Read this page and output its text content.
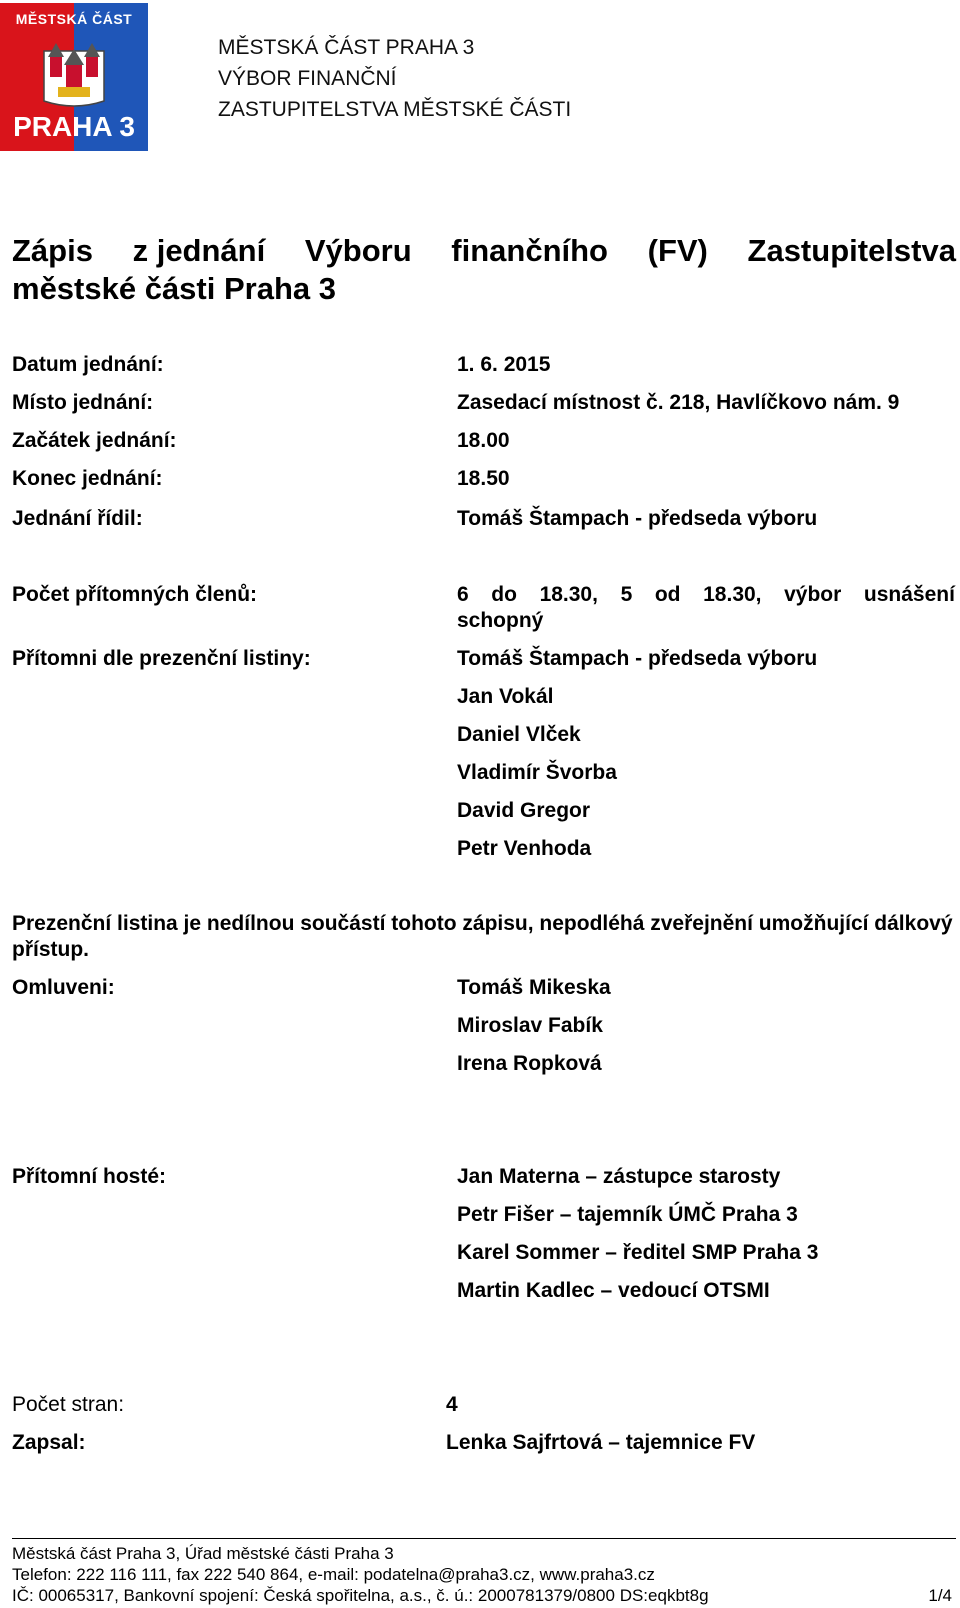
MĚSTSKÁ ČÁST
PRAHA 3
MĚSTSKÁ ČÁST PRAHA 3
VÝBOR FINANČNÍ
ZASTUPITELSTVA MĚSTSKÉ ČÁSTI
Zápis z jednání Výboru finančního (FV) Zastupitelstva
městské části Praha 3
Datum jednání:	1. 6. 2015
Místo jednání:	Zasedací místnost č. 218, Havlíčkovo nám. 9
Začátek jednání:	18.00
Konec jednání:	18.50
Jednání řídil:	Tomáš Štampach - předseda výboru
Počet přítomných členů:	6 do 18.30, 5 od 18.30, výbor usnášení
schopný
Přítomni dle prezenční listiny:	Tomáš Štampach - předseda výboru
Jan Vokál
Daniel Vlček
Vladimír Švorba
David Gregor
Petr Venhoda
Prezenční listina je nedílnou součástí tohoto zápisu, nepodléhá zveřejnění umožňující dálkový přístup.
Omluveni:	Tomáš Mikeska
Miroslav Fabík
Irena Ropková
Přítomní hosté:	Jan Materna – zástupce starosty
Petr Fišer – tajemník ÚMČ Praha 3
Karel Sommer – ředitel SMP Praha 3
Martin Kadlec – vedoucí OTSMI
Počet stran:	4
Zapsal:	Lenka Sajfrtová – tajemnice FV
Městská část Praha 3, Úřad městské části Praha 3
Telefon: 222 116 111, fax 222 540 864, e-mail: podatelna@praha3.cz, www.praha3.cz
IČ: 00065317, Bankovní spojení: Česká spořitelna, a.s., č. ú.: 2000781379/0800 DS:eqkbt8g	1/4
